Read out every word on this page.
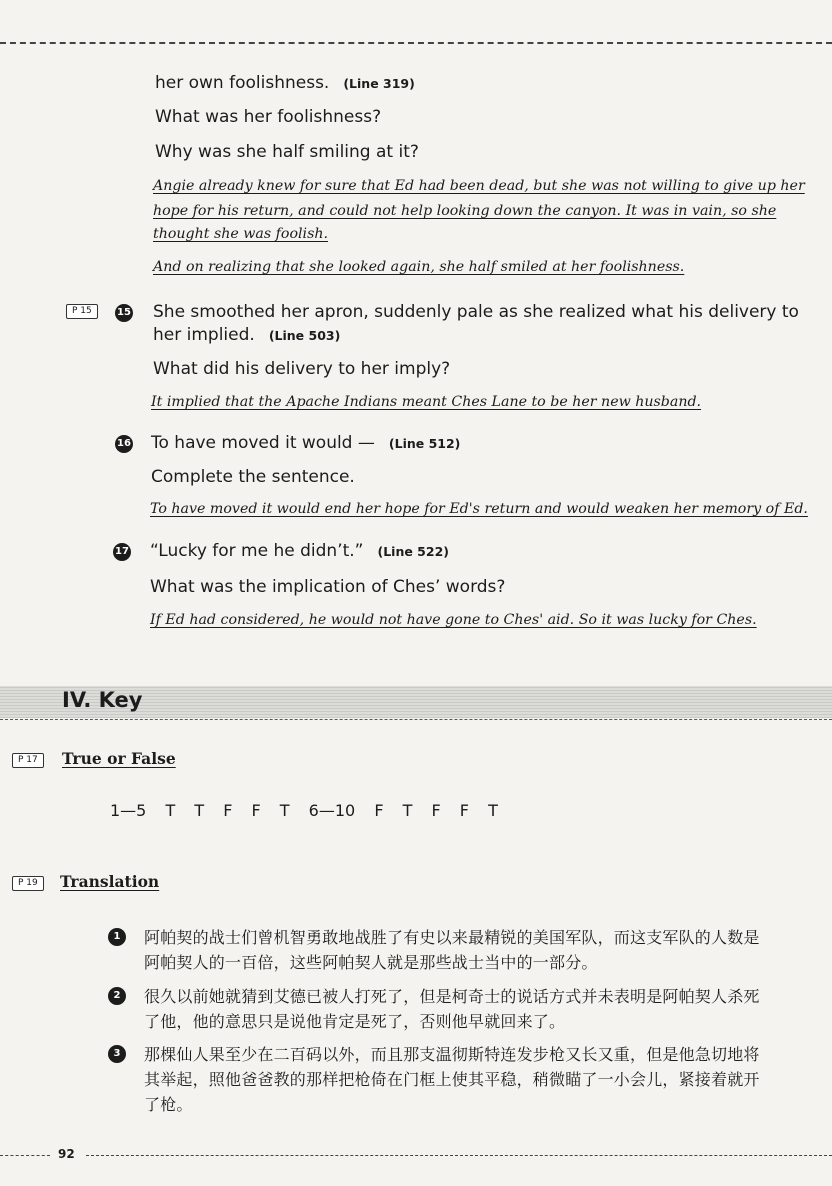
her own foolishness. (Line 319)
What was her foolishness?
Why was she half smiling at it?
Angie already knew for sure that Ed had been dead, but she was not willing to give up her
hope for his return, and could not help looking down the canyon. It was in vain, so she
thought she was foolish.
And on realizing that she looked again, she half smiled at her foolishness.
P 15	15 She smoothed her apron, suddenly pale as she realized what his delivery to
her implied. (Line 503)
What did his delivery to her imply?
It implied that the Apache Indians meant Ches Lane to be her new husband.
16 To have moved it would — (Line 512)
Complete the sentence.
To have moved it would end her hope for Ed's return and would weaken her memory of Ed.
17 “Lucky for me he didn’t.” (Line 522)
What was the implication of Ches’ words?
If Ed had considered, he would not have gone to Ches' aid. So it was lucky for Ches.
IV. Key
P 17	True or False
1—5 T T F F T 6—10 F T F F T
P 19	Translation
1	阿帕契的战士们曾机智勇敢地战胜了有史以来最精锐的美国军队，而这支军队的人数是阿帕契人的一百倍，这些阿帕契人就是那些战士当中的一部分。
2	很久以前她就猜到艾德已被人打死了，但是柯奇士的说话方式并未表明是阿帕契人杀死了他，他的意思只是说他肯定是死了，否则他早就回来了。
3	那棵仙人果至少在二百码以外，而且那支温彻斯特连发步枪又长又重，但是他急切地将其举起，照他爸爸教的那样把枪倚在门框上使其平稳，稍微瞄了一小会儿，紧接着就开了枪。
92
